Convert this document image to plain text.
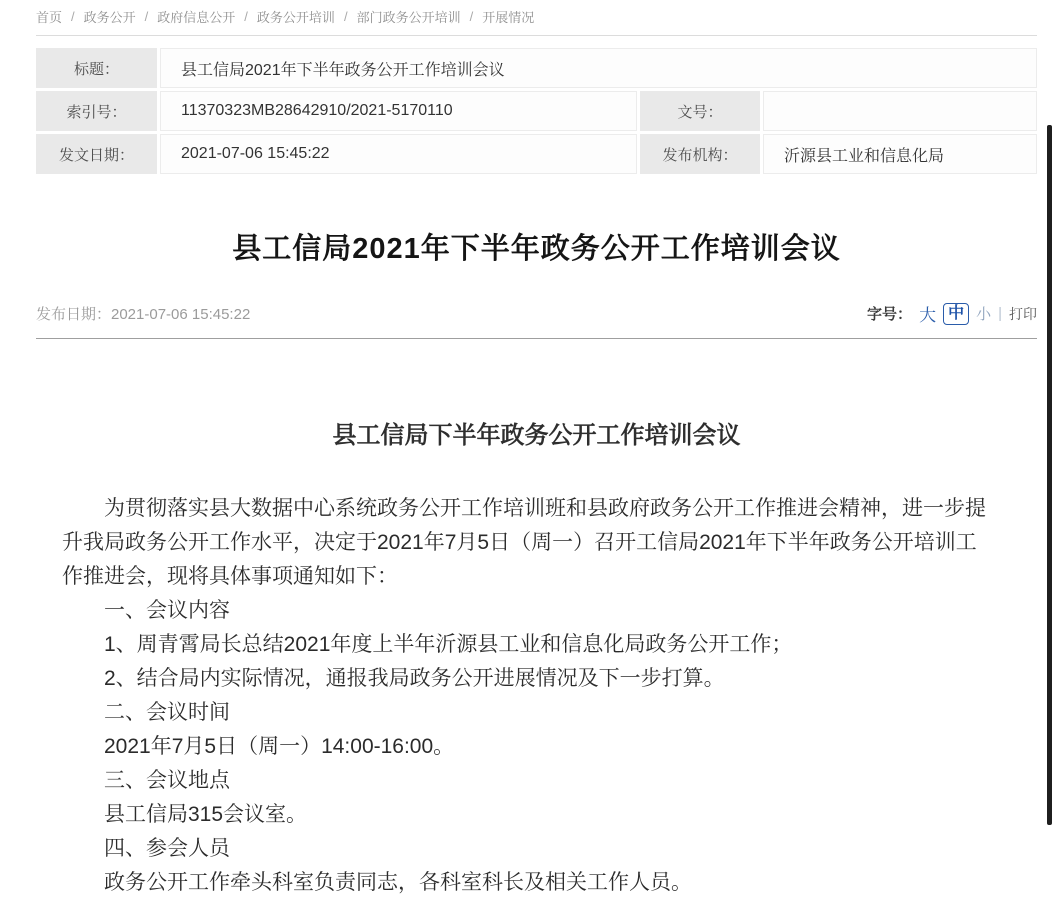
首页 / 政务公开 / 政府信息公开 / 政务公开培训 / 部门政务公开培训 / 开展情况
标题：	县工信局2021年下半年政务公开工作培训会议
索引号：	11370323MB28642910/2021-5170110	文号：
发文日期：	2021-07-06 15:45:22	发布机构：	沂源县工业和信息化局
县工信局2021年下半年政务公开工作培训会议
发布日期：2021-07-06 15:45:22	字号： 大 中 小 | 打印
县工信局下半年政务公开工作培训会议

为贯彻落实县大数据中心系统政务公开工作培训班和县政府政务公开工作推进会精神，进一步提升我局政务公开工作水平，决定于2021年7月5日（周一）召开工信局2021年下半年政务公开培训工作推进会，现将具体事项通知如下：

一、会议内容

1、周青霄局长总结2021年度上半年沂源县工业和信息化局政务公开工作；

2、结合局内实际情况，通报我局政务公开进展情况及下一步打算。

二、会议时间

2021年7月5日（周一）14:00-16:00。

三、会议地点

县工信局315会议室。

四、参会人员

政务公开工作牵头科室负责同志，各科室科长及相关工作人员。
